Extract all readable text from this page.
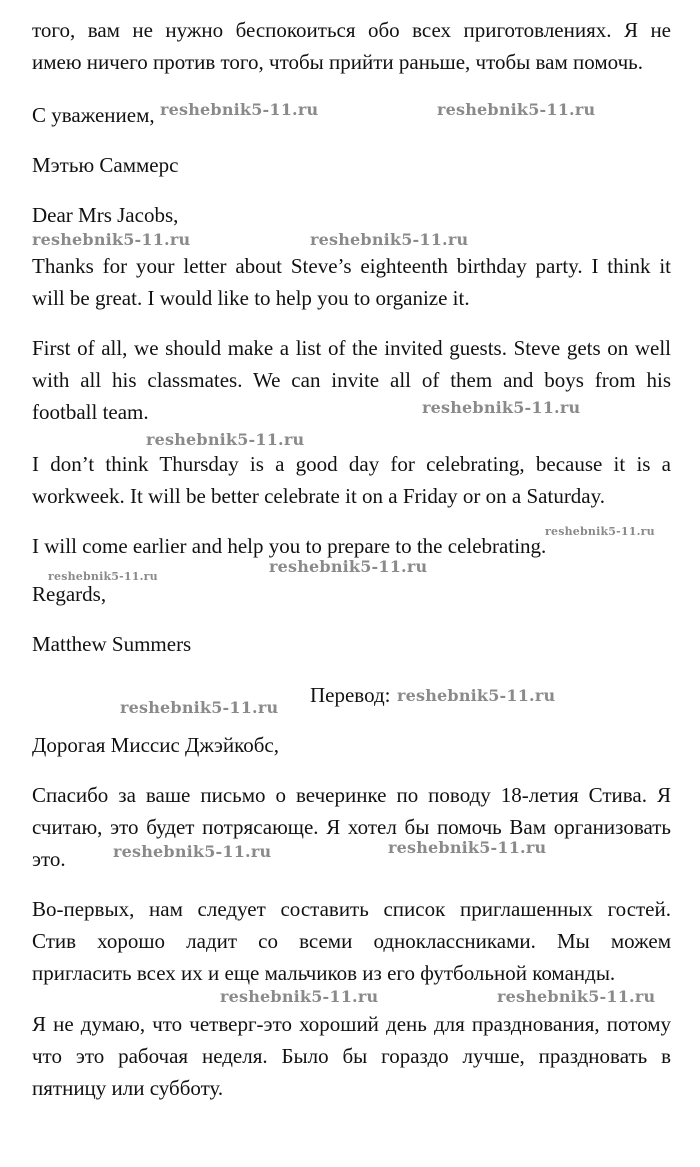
того, вам не нужно беспокоиться обо всех приготовлениях. Я не
имею ничего против того, чтобы прийти раньше, чтобы вам помочь.
С уважением,
Мэтью Саммерс
Dear Mrs Jacobs,
Thanks for your letter about Steve’s eighteenth birthday party. I think it
will be great. I would like to help you to organize it.
First of all, we should make a list of the invited guests. Steve gets on well
with all his classmates. We can invite all of them and boys from his
football team.
I don’t think Thursday is a good day for celebrating, because it is a
workweek. It will be better celebrate it on a Friday or on a Saturday.
I will come earlier and help you to prepare to the celebrating.
Regards,
Matthew Summers
Перевод:
Дорогая Миссис Джэйкобс,
Спасибо за ваше письмо о вечеринке по поводу 18-летия Стива. Я
считаю, это будет потрясающе. Я хотел бы помочь Вам организовать
это.
Во-первых, нам следует составить список приглашенных гостей.
Стив хорошо ладит со всеми одноклассниками. Мы можем
пригласить всех их и еще мальчиков из его футбольной команды.
Я не думаю, что четверг-это хороший день для празднования, потому
что это рабочая неделя. Было бы гораздо лучше, праздновать в
пятницу или субботу.
reshebnik5-11.ru	reshebnik5-11.ru
reshebnik5-11.ru	reshebnik5-11.ru
reshebnik5-11.ru
reshebnik5-11.ru
reshebnik5-11.ru
reshebnik5-11.ru
reshebnik5-11.ru
reshebnik5-11.ru
reshebnik5-11.ru
reshebnik5-11.ru	reshebnik5-11.ru
reshebnik5-11.ru	reshebnik5-11.ru
